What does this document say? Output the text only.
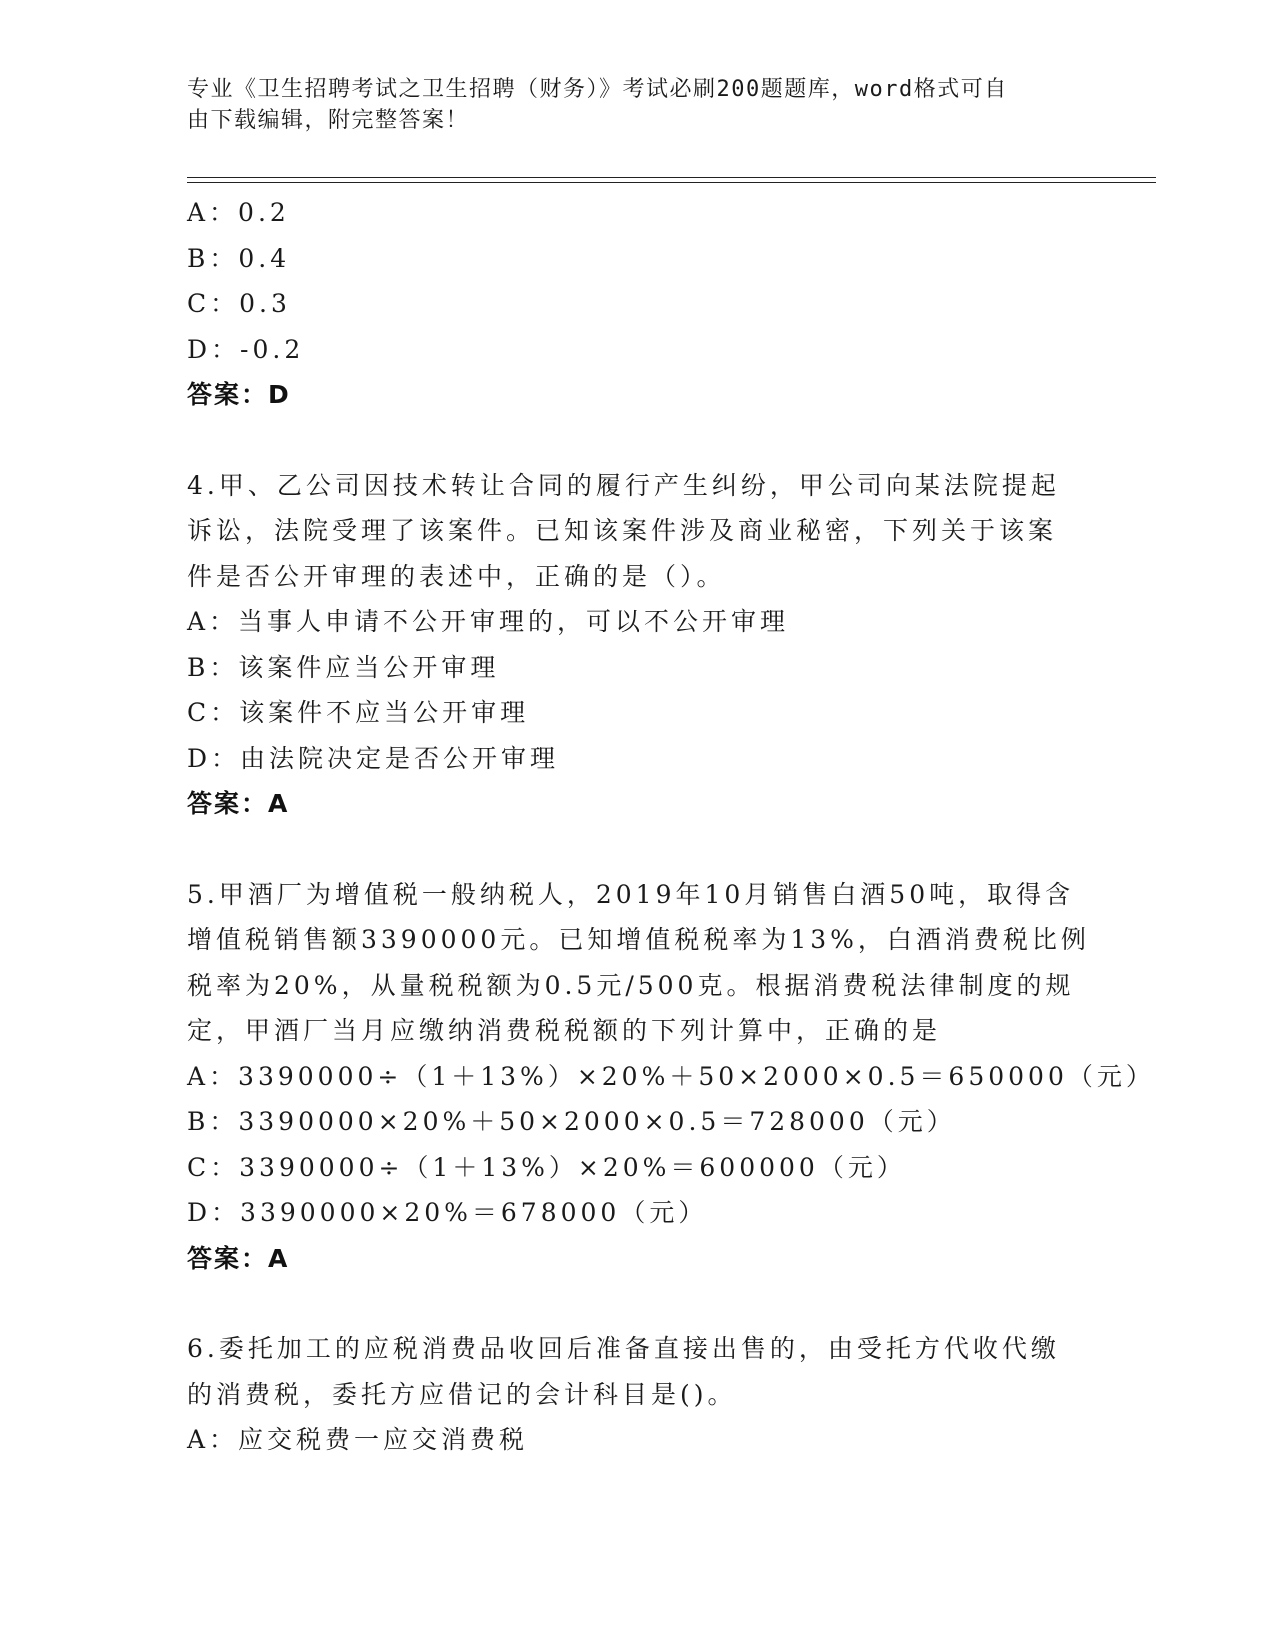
专业《卫生招聘考试之卫生招聘（财务）》考试必刷200题题库，word格式可自
由下载编辑，附完整答案！
A：0.2
B：0.4
C：0.3
D：-0.2
答案：D
4.甲、乙公司因技术转让合同的履行产生纠纷，甲公司向某法院提起
诉讼，法院受理了该案件。已知该案件涉及商业秘密，下列关于该案
件是否公开审理的表述中，正确的是（）。
A：当事人申请不公开审理的，可以不公开审理
B：该案件应当公开审理
C：该案件不应当公开审理
D：由法院决定是否公开审理
答案：A
5.甲酒厂为增值税一般纳税人，2019年10月销售白酒50吨，取得含
增值税销售额3390000元。已知增值税税率为13%，白酒消费税比例
税率为20%，从量税税额为0.5元/500克。根据消费税法律制度的规
定，甲酒厂当月应缴纳消费税税额的下列计算中，正确的是
A：3390000÷（1＋13%）×20%＋50×2000×0.5＝650000（元）
B：3390000×20%＋50×2000×0.5＝728000（元）
C：3390000÷（1＋13%）×20%＝600000（元）
D：3390000×20%＝678000（元）
答案：A
6.委托加工的应税消费品收回后准备直接出售的，由受托方代收代缴
的消费税，委托方应借记的会计科目是()。
A：应交税费一应交消费税
